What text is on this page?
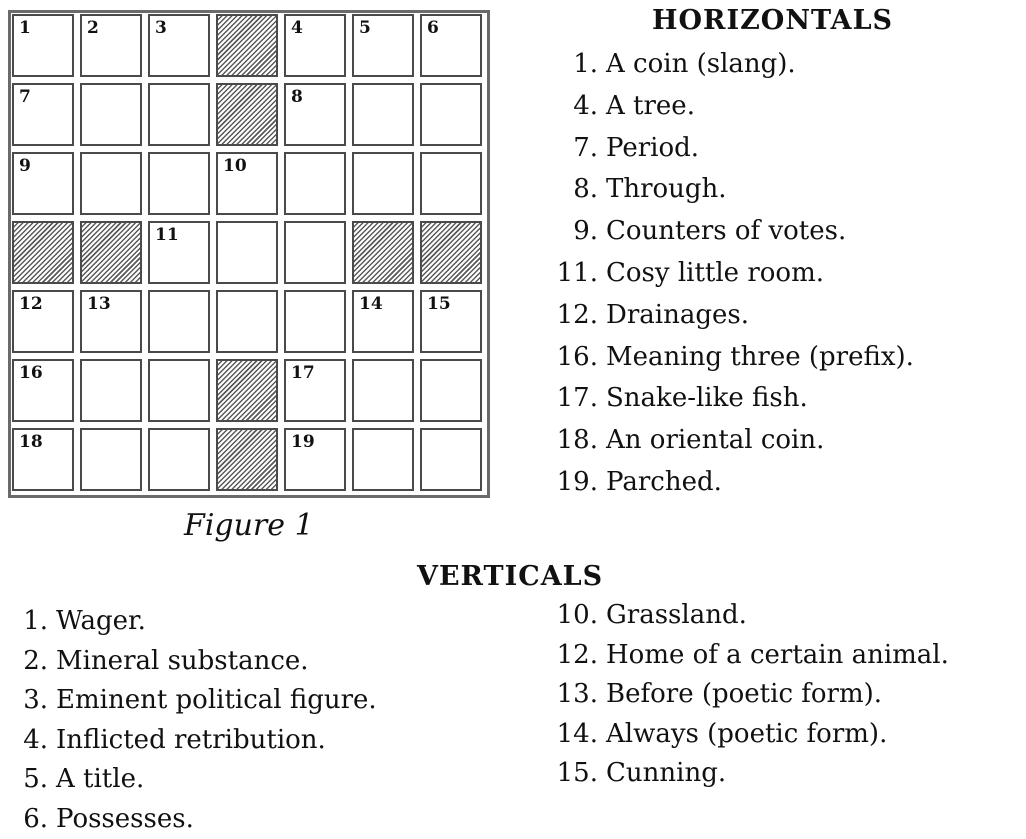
1	2	3	4	5	6
7	8
9	10
11
12	13	14	15
16	17
18	19
Figure 1
HORIZONTALS
1. A coin (slang).
4. A tree.
7. Period.
8. Through.
9. Counters of votes.
11. Cosy little room.
12. Drainages.
16. Meaning three (prefix).
17. Snake-like fish.
18. An oriental coin.
19. Parched.
VERTICALS
1. Wager.
2. Mineral substance.
3. Eminent political figure.
4. Inflicted retribution.
5. A title.
6. Possesses.
10. Grassland.
12. Home of a certain animal.
13. Before (poetic form).
14. Always (poetic form).
15. Cunning.
